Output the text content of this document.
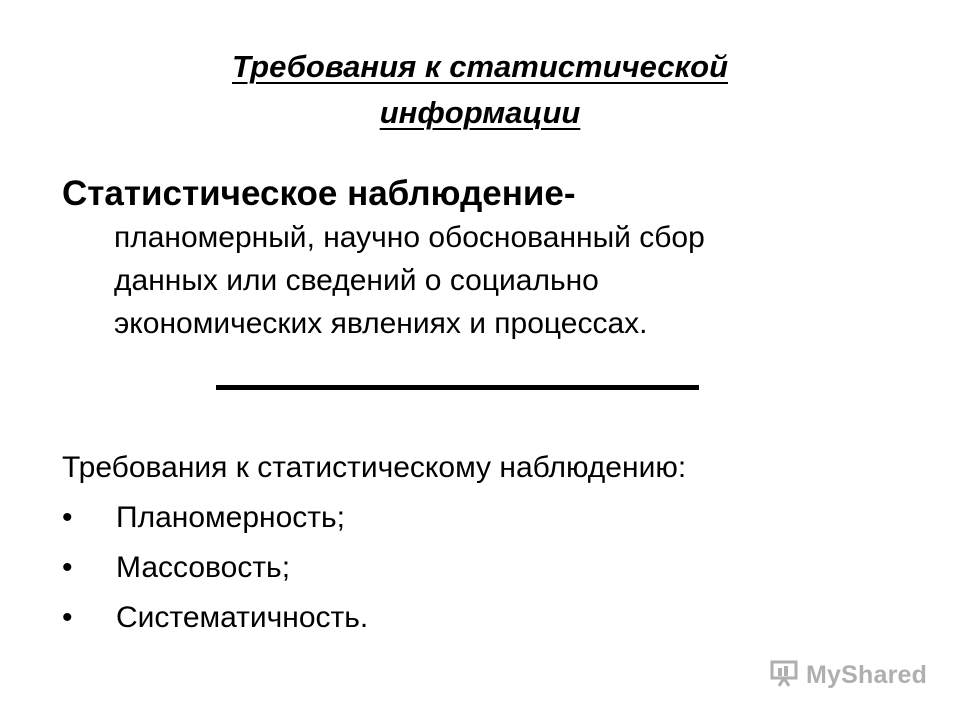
Требования к статистической
информации
Статистическое наблюдение-
планомерный, научно обоснованный сбор
данных или сведений о социально
экономических явлениях и процессах.
Требования к статистическому наблюдению:
• Планомерность;
• Массовость;
• Систематичность.
MyShared
